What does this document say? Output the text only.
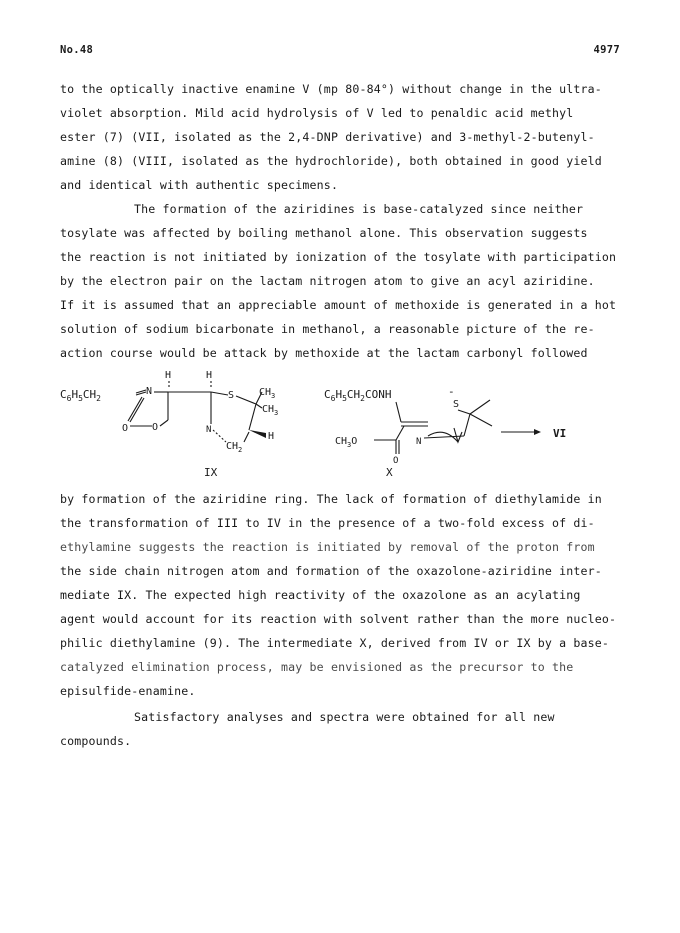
No.48	4977
to the optically inactive enamine V (mp 80-84°) without change in the ultra-
violet absorption. Mild acid hydrolysis of V led to penaldic acid methyl
ester (7) (VII, isolated as the 2,4-DNP derivative) and 3-methyl-2-butenyl-
amine (8) (VIII, isolated as the hydrochloride), both obtained in good yield
and identical with authentic specimens.
The formation of the aziridines is base-catalyzed since neither
tosylate was affected by boiling methanol alone. This observation suggests
the reaction is not initiated by ionization of the tosylate with participation
by the electron pair on the lactam nitrogen atom to give an acyl aziridine.
If it is assumed that an appreciable amount of methoxide is generated in a hot
solution of sodium bicarbonate in methanol, a reasonable picture of the re-
action course would be attack by methoxide at the lactam carbonyl followed
$C_6H_5CH_2$
N
O O
H	H
S $CH_3$
$CH_3$
N
H
$CH_2$
IX
$C_6H_5CH_2CONH$	-
S
$CH_3O$
O
N
X
VI
by formation of the aziridine ring. The lack of formation of diethylamide in
the transformation of III to IV in the presence of a two-fold excess of di-
ethylamine suggests the reaction is initiated by removal of the proton from
the side chain nitrogen atom and formation of the oxazolone-aziridine inter-
mediate IX. The expected high reactivity of the oxazolone as an acylating
agent would account for its reaction with solvent rather than the more nucleo-
philic diethylamine (9). The intermediate X, derived from IV or IX by a base-
catalyzed elimination process, may be envisioned as the precursor to the
episulfide-enamine.
Satisfactory analyses and spectra were obtained for all new
compounds.
